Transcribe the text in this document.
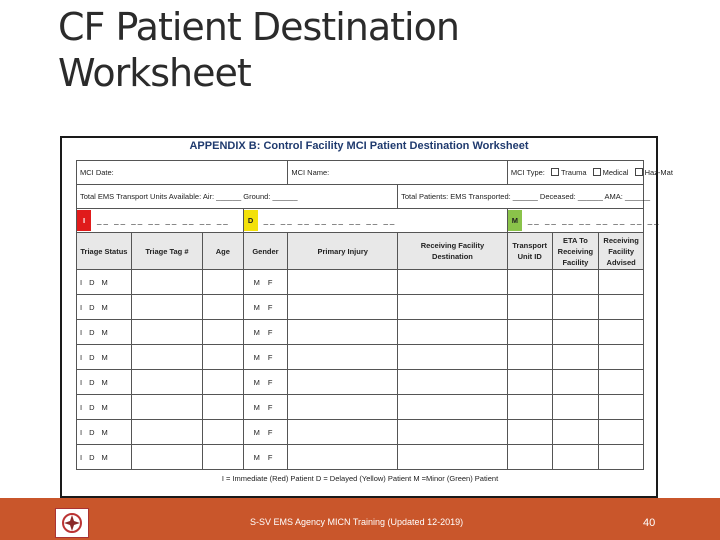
CF Patient Destination
Worksheet
APPENDIX B: Control Facility MCI Patient Destination Worksheet
MCI Date:				MCI Name:		MCI Type: Trauma Medical Haz-Mat		
Total EMS Transport Units Available: Air: ______ Ground: ______					Total Patients: EMS Transported: ______ Deceased: ______ AMA: ______			
I __ __ __ __ __ __ __ __			D __ __ __ __ __ __ __ __			M __ __ __ __ __ __ __ __		
Triage Status	Triage Tag #	Age	Gender	Primary Injury	Receiving Facility Destination	Transport Unit ID	ETA To Receiving Facility	Receiving Facility Advised
I D M			M F					
I D M			M F					
I D M			M F					
I D M			M F					
I D M			M F					
I D M			M F					
I D M			M F					
I D M			M F					
I = Immediate (Red) Patient D = Delayed (Yellow) Patient M =Minor (Green) Patient								
S-SV EMS Agency MICN Training (Updated 12-2019)	40
